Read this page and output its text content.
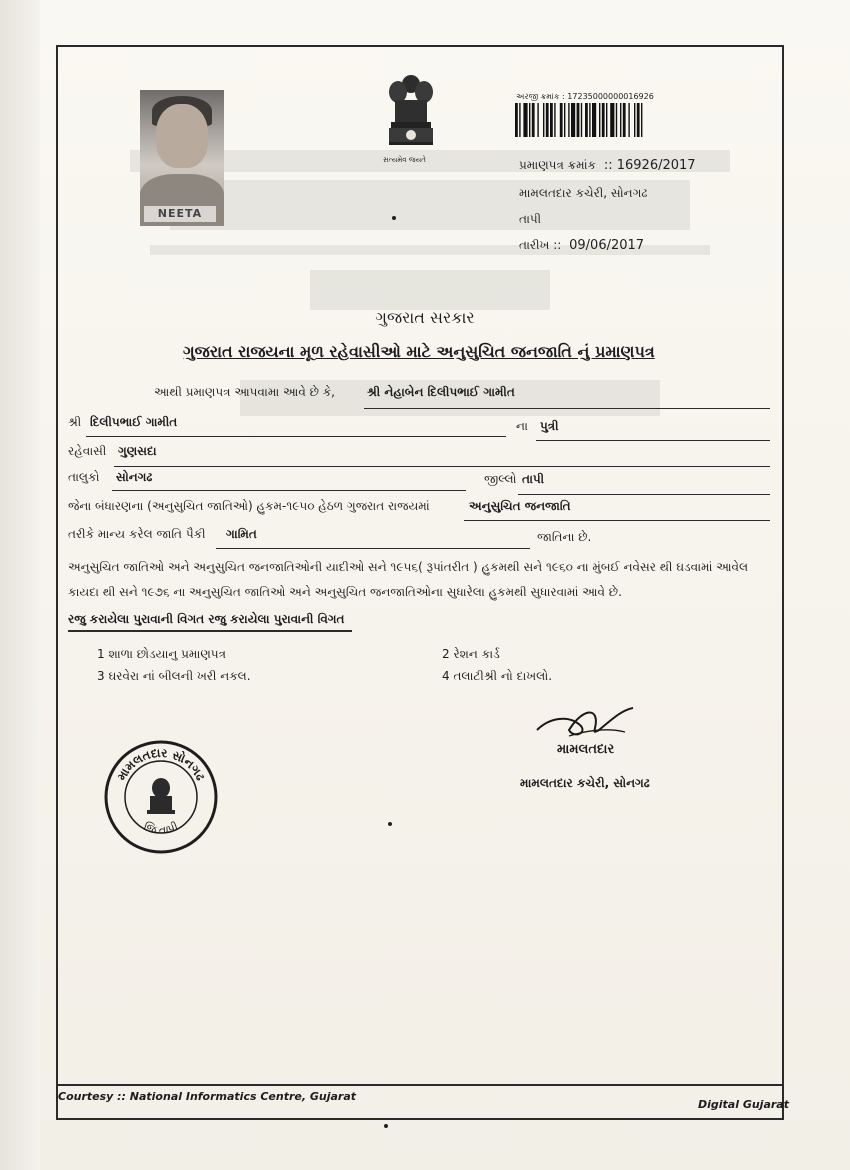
NEETA
સત્યમેવ જયતે
અરજી ક્રમાંક : 17235000000016926
પ્રમાણપત્ર ક્રમાંક :: 16926/2017
મામલતદાર કચેરી, સોનગઢ
તાપી
તારીખ :: 09/06/2017
ગુજરાત સરકાર
ગુજરાત રાજયના મૂળ રહેવાસીઓ માટે અનુસુચિત જનજાતિ નું પ્રમાણપત્ર
આથી પ્રમાણપત્ર આપવામા આવે છે કે,	શ્રી નેહાબેન દિલીપભાઈ ગામીત
શ્રી દિલીપભાઈ ગામીત	ના પુત્રી
રહેવાસી ગુણસદા
તાલુકો સોનગઢ	જીલ્લો તાપી
જેના બંધારણના (અનુસુચિત જાતિઓ) હુકમ-૧૯૫૦ હેઠળ ગુજરાત રાજયમાં	અનુસુચિત જનજાતિ
તરીકે માન્ય કરેલ જાતિ પૈકી ગામિત	જાતિના છે.
અનુસુચિત જાતિઓ અને અનુસુચિત જનજાતિઓની યાદીઓ સને ૧૯૫૬( રૂપાંતરીત ) હુકમથી સને ૧૯૬૦ ના મુંબઈ નવેસર થી ઘડવામાં આવેલ કાયદા થી સને ૧૯૭૬ ના અનુસુચિત જાતિઓ અને અનુસુચિત જનજાતિઓના સુધારેલા હુકમથી સુધારવામાં આવે છે.
રજુ કરાયેલા પુરાવાની વિગત રજુ કરાયેલા પુરાવાની વિગત
1 શાળા છોડયાનુ પ્રમાણપત્ર	2 રેશન કાર્ડ
3 ઘરવેરા નાં બીલની ખરી નકલ.	4 તલાટીશ્રી નો દાખલો.
મામલતદાર
મામલતદાર કચેરી, સોનગઢ
મામલતદાર સોનગઢ
જિ.તાપી
Courtesy :: National Informatics Centre, Gujarat
Digital Gujarat
